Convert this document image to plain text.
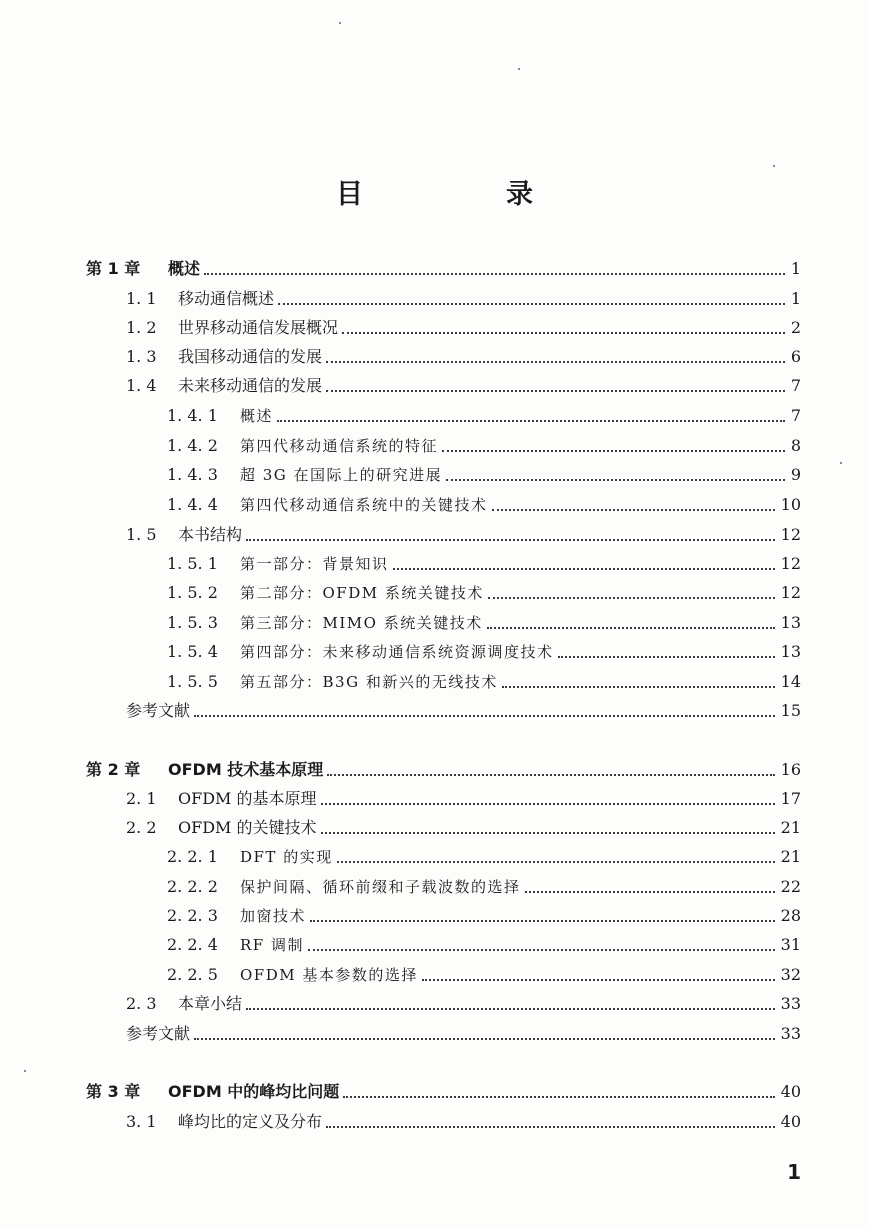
目　录
第 1 章 概述	1
1. 1 移动通信概述	1
1. 2 世界移动通信发展概况	2
1. 3 我国移动通信的发展	6
1. 4 未来移动通信的发展	7
1. 4. 1 概述	7
1. 4. 2 第四代移动通信系统的特征	8
1. 4. 3 超 3G 在国际上的研究进展	9
1. 4. 4 第四代移动通信系统中的关键技术	10
1. 5 本书结构	12
1. 5. 1 第一部分：背景知识	12
1. 5. 2 第二部分：OFDM 系统关键技术	12
1. 5. 3 第三部分：MIMO 系统关键技术	13
1. 5. 4 第四部分：未来移动通信系统资源调度技术	13
1. 5. 5 第五部分：B3G 和新兴的无线技术	14
参考文献	15
第 2 章 OFDM 技术基本原理	16
2. 1 OFDM 的基本原理	17
2. 2 OFDM 的关键技术	21
2. 2. 1 DFT 的实现	21
2. 2. 2 保护间隔、循环前缀和子载波数的选择	22
2. 2. 3 加窗技术	28
2. 2. 4 RF 调制	31
2. 2. 5 OFDM 基本参数的选择	32
2. 3 本章小结	33
参考文献	33
第 3 章 OFDM 中的峰均比问题	40
3. 1 峰均比的定义及分布	40
1
